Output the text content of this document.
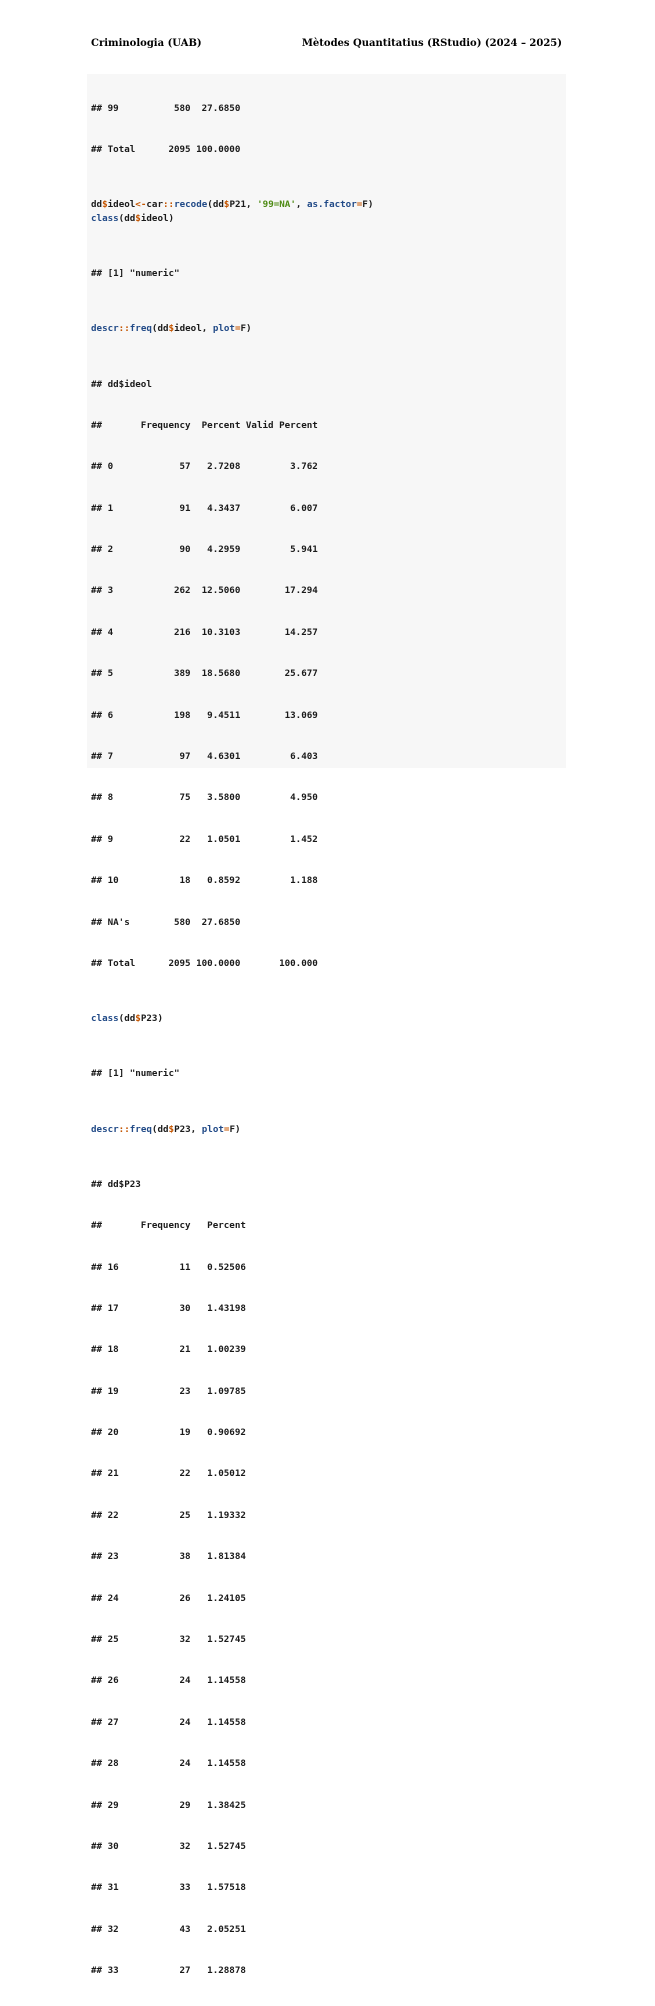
Criminologia (UAB)	Mètodes Quantitatius (RStudio) (2024 – 2025)

## 99          580  27.6850

## Total      2095 100.0000

dd$ideol<-car::recode(dd$P21, '99=NA', as.factor=F)
class(dd$ideol)

## [1] "numeric"

descr::freq(dd$ideol, plot=F)

## dd$ideol

##       Frequency  Percent Valid Percent

## 0            57   2.7208         3.762

## 1            91   4.3437         6.007

## 2            90   4.2959         5.941

## 3           262  12.5060        17.294

## 4           216  10.3103        14.257

## 5           389  18.5680        25.677

## 6           198   9.4511        13.069

## 7            97   4.6301         6.403

## 8            75   3.5800         4.950

## 9            22   1.0501         1.452

## 10           18   0.8592         1.188

## NA's        580  27.6850

## Total      2095 100.0000       100.000

class(dd$P23)

## [1] "numeric"

descr::freq(dd$P23, plot=F)

## dd$P23

##       Frequency   Percent

## 16           11   0.52506

## 17           30   1.43198

## 18           21   1.00239

## 19           23   1.09785

## 20           19   0.90692

## 21           22   1.05012

## 22           25   1.19332

## 23           38   1.81384

## 24           26   1.24105

## 25           32   1.52745

## 26           24   1.14558

## 27           24   1.14558

## 28           24   1.14558

## 29           29   1.38425

## 30           32   1.52745

## 31           33   1.57518

## 32           43   2.05251

## 33           27   1.28878
